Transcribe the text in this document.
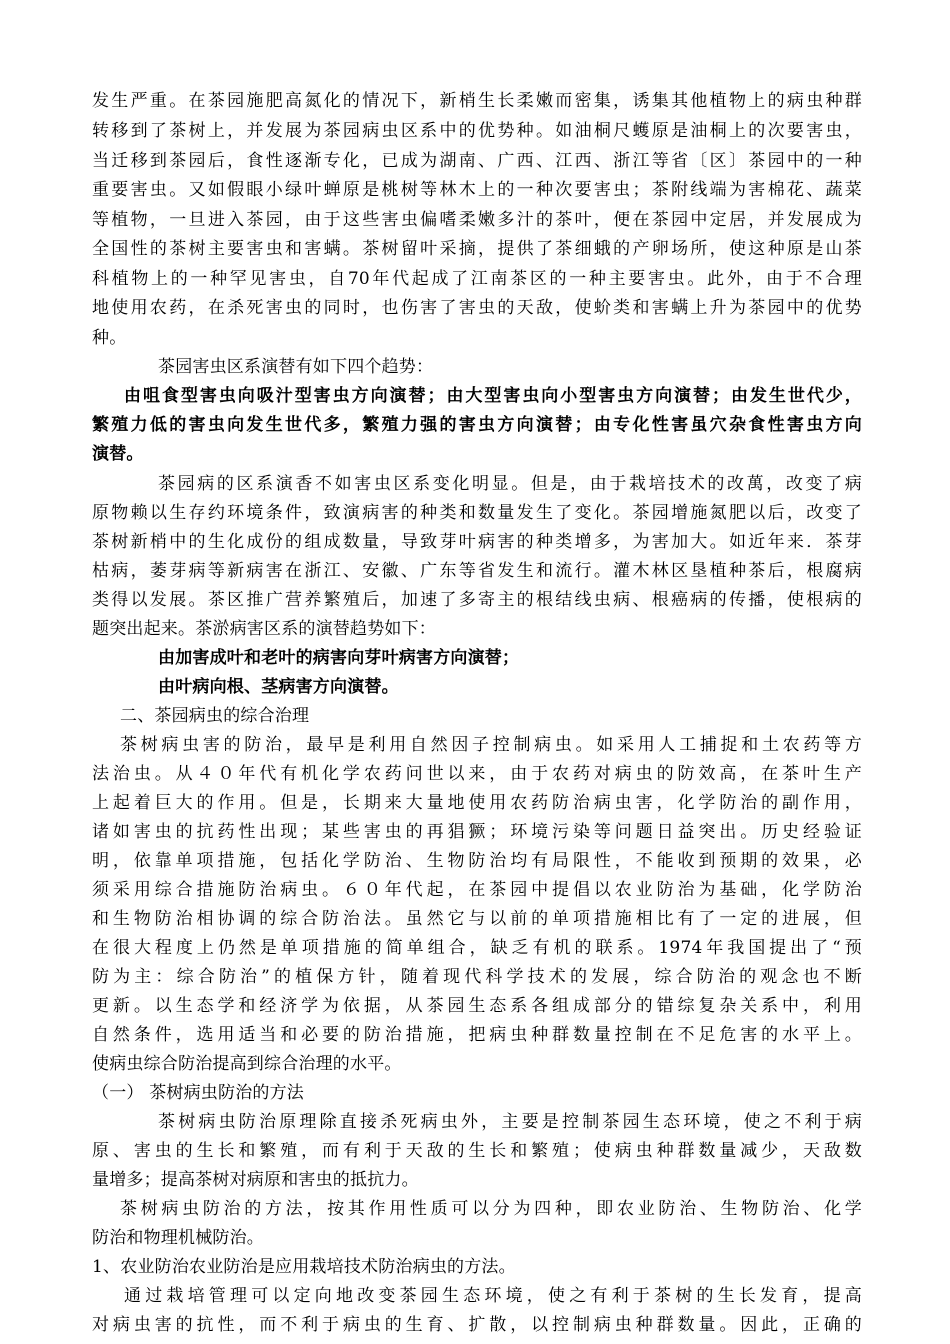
发生严重。在茶园施肥高氮化的情况下，新梢生长柔嫩而密集，诱集其他植物上的病虫种群
转移到了茶树上，并发展为茶园病虫区系中的优势种。如油桐尺蠖原是油桐上的次要害虫，
当迁移到茶园后，食性逐渐专化，已成为湖南、广西、江西、浙江等省〔区〕茶园中的一种
重要害虫。又如假眼小绿叶蝉原是桃树等林木上的一种次要害虫；茶附线端为害棉花、蔬菜
等植物，一旦进入茶园，由于这些害虫偏嗜柔嫩多汁的茶叶，便在茶园中定居，并发展成为
全国性的茶树主要害虫和害螨。茶树留叶采摘，提供了茶细蛾的产卵场所，使这种原是山茶
科植物上的一种罕见害虫，自70年代起成了江南茶区的一种主要害虫。此外，由于不合理
地使用农药，在杀死害虫的同时，也伤害了害虫的天敌，使蚧类和害螨上升为茶园中的优势
种。
茶园害虫区系演替有如下四个趋势：
由咀食型害虫向吸汁型害虫方向演替；由大型害虫向小型害虫方向演替；由发生世代少，
繁殖力低的害虫向发生世代多，繁殖力强的害虫方向演替；由专化性害虽穴杂食性害虫方向
演替。
茶园病的区系演香不如害虫区系变化明显。但是，由于栽培技术的改萬，改变了病
原物赖以生存约环境条件，致演病害的种类和数量发生了变化。茶园增施氮肥以后，改变了
茶树新梢中的生化成份的组成数量，导致芽叶病害的种类增多，为害加大。如近年来．茶芽
枯病，萎芽病等新病害在浙江、安徽、广东等省发生和流行。灌木林区垦植种茶后，根腐病
类得以发展。茶区推广营养繁殖后，加速了多寄主的根结线虫病、根癌病的传播，使根病的
题突出起来。茶淤病害区系的演替趋势如下：
由加害成叶和老叶的病害向芽叶病害方向演替；
由叶病向根、茎病害方向演替。
二、茶园病虫的综合治理
茶树病虫害的防治，最早是利用自然因子控制病虫。如采用人工捕捉和土农药等方
法治虫。从４０年代有机化学农药问世以来，由于农药对病虫的防效高，在茶叶生产
上起着巨大的作用。但是，长期来大量地使用农药防治病虫害，化学防治的副作用，
诸如害虫的抗药性出现；某些害虫的再猖獗；环境污染等问题日益突出。历史经验证
明，依靠单项措施，包括化学防治、生物防治均有局限性，不能收到预期的效果，必
须采用综合措施防治病虫。６０年代起，在茶园中提倡以农业防治为基础，化学防治
和生物防治相协调的综合防治法。虽然它与以前的单项措施相比有了一定的进展，但
在很大程度上仍然是单项措施的简单组合，缺乏有机的联系。1974年我国提出了“预
防为主：综合防治”的植保方针，随着现代科学技术的发展，综合防治的观念也不断
更新。以生态学和经济学为依据，从茶园生态系各组成部分的错综复杂关系中，利用
自然条件，选用适当和必要的防治措施，把病虫种群数量控制在不足危害的水平上。
使病虫综合防治提高到综合治理的水平。
（一） 茶树病虫防治的方法
茶树病虫防治原理除直接杀死病虫外，主要是控制茶园生态环境，使之不利于病
原、害虫的生长和繁殖，而有利于天敌的生长和繁殖；使病虫种群数量减少，天敌数
量增多；提高茶树对病原和害虫的抵抗力。
茶树病虫防治的方法，按其作用性质可以分为四种，即农业防治、生物防治、化学
防治和物理机械防治。
1、农业防治农业防治是应用栽培技术防治病虫的方法。
通过栽培管理可以定向地改变茶园生态环境，使之有利于茶树的生长发育，提高
对病虫害的抗性，而不利于病虫的生育、扩散，以控制病虫种群数量。因此，正确的
